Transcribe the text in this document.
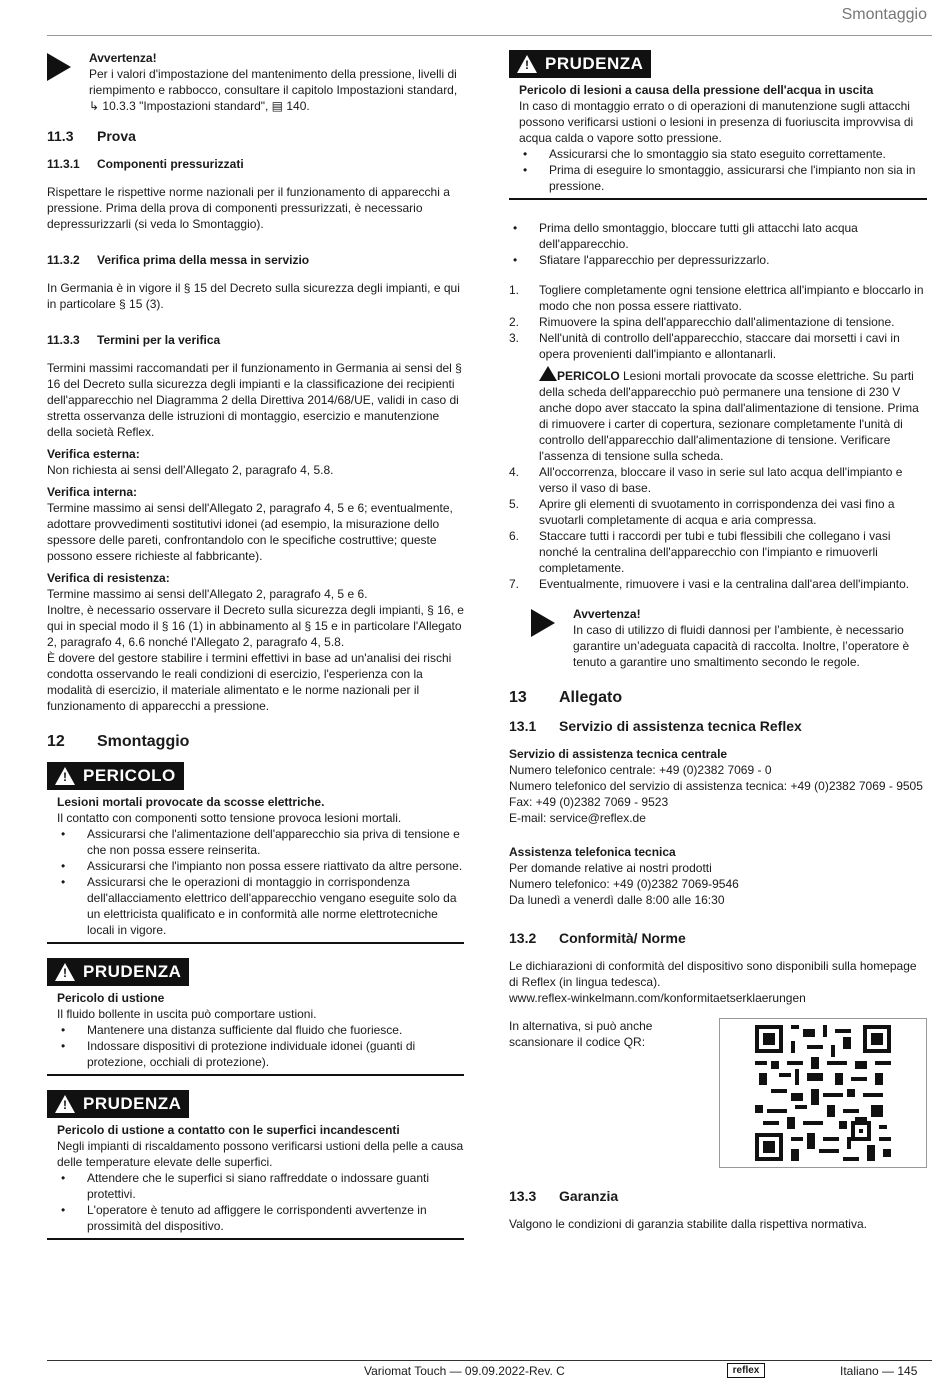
Smontaggio

Avvertenza!

Per i valori d'impostazione del mantenimento della pressione, livelli di riempimento e rabbocco, consultare il capitolo Impostazioni standard, ↳ 10.3.3 "Impostazioni standard", ▤ 140.

11.3	Prova
11.3.1	Componenti pressurizzati

Rispettare le rispettive norme nazionali per il funzionamento di apparecchi a pressione. Prima della prova di componenti pressurizzati, è necessario depressurizzarli (si veda lo Smontaggio).

11.3.2	Verifica prima della messa in servizio

In Germania è in vigore il § 15 del Decreto sulla sicurezza degli impianti, e qui in particolare § 15 (3).

11.3.3	Termini per la verifica

Termini massimi raccomandati per il funzionamento in Germania ai sensi del § 16 del Decreto sulla sicurezza degli impianti e la classificazione dei recipienti dell'apparecchio nel Diagramma 2 della Direttiva 2014/68/UE, validi in caso di stretta osservanza delle istruzioni di montaggio, esercizio e manutenzione della società Reflex.

Verifica esterna:

Non richiesta ai sensi dell'Allegato 2, paragrafo 4, 5.8.

Verifica interna:

Termine massimo ai sensi dell'Allegato 2, paragrafo 4, 5 e 6; eventualmente, adottare provvedimenti sostitutivi idonei (ad esempio, la misurazione dello spessore delle pareti, confrontandolo con le specifiche costruttive; queste possono essere richieste al fabbricante).

Verifica di resistenza:

Termine massimo ai sensi dell'Allegato 2, paragrafo 4, 5 e 6.

Inoltre, è necessario osservare il Decreto sulla sicurezza degli impianti, § 16, e qui in special modo il § 16 (1) in abbinamento al § 15 e in particolare l'Allegato 2, paragrafo 4, 6.6 nonché l'Allegato 2, paragrafo 4, 5.8.

È dovere del gestore stabilire i termini effettivi in base ad un'analisi dei rischi condotta osservando le reali condizioni di esercizio, l'esperienza con la modalità di esercizio, il materiale alimentato e le norme nazionali per il funzionamento di apparecchi a pressione.

12	Smontaggio
! PERICOLO

Lesioni mortali provocate da scosse elettriche.

Il contatto con componenti sotto tensione provoca lesioni mortali.

•	Assicurarsi che l'alimentazione dell'apparecchio sia priva di tensione e che non possa essere reinserita.
•	Assicurarsi che l'impianto non possa essere riattivato da altre persone.
•	Assicurarsi che le operazioni di montaggio in corrispondenza dell'allacciamento elettrico dell'apparecchio vengano eseguite solo da un elettricista qualificato e in conformità alle norme elettrotecniche locali in vigore.
! PRUDENZA

Pericolo di ustione

Il fluido bollente in uscita può comportare ustioni.

•	Mantenere una distanza sufficiente dal fluido che fuoriesce.
•	Indossare dispositivi di protezione individuale idonei (guanti di protezione, occhiali di protezione).
! PRUDENZA

Pericolo di ustione a contatto con le superfici incandescenti

Negli impianti di riscaldamento possono verificarsi ustioni della pelle a causa delle temperature elevate delle superfici.

•	Attendere che le superfici si siano raffreddate o indossare guanti protettivi.
•	L'operatore è tenuto ad affiggere le corrispondenti avvertenze in prossimità del dispositivo.
! PRUDENZA

Pericolo di lesioni a causa della pressione dell'acqua in uscita

In caso di montaggio errato o di operazioni di manutenzione sugli attacchi possono verificarsi ustioni o lesioni in presenza di fuoriuscita improvvisa di acqua calda o vapore sotto pressione.

•	Assicurarsi che lo smontaggio sia stato eseguito correttamente.
•	Prima di eseguire lo smontaggio, assicurarsi che l'impianto non sia in pressione.
•	Prima dello smontaggio, bloccare tutti gli attacchi lato acqua dell'apparecchio.
•	Sfiatare l'apparecchio per depressurizzarlo.
1.	Togliere completamente ogni tensione elettrica all'impianto e bloccarlo in modo che non possa essere riattivato.
2.	Rimuovere la spina dell'apparecchio dall'alimentazione di tensione.
3.	Nell'unità di controllo dell'apparecchio, staccare dai morsetti i cavi in opera provenienti dall'impianto e allontanarli.

PERICOLO Lesioni mortali provocate da scosse elettriche. Su parti della scheda dell'apparecchio può permanere una tensione di 230 V anche dopo aver staccato la spina dall'alimentazione di tensione. Prima di rimuovere i carter di copertura, sezionare completamente l'unità di controllo dell'apparecchio dall'alimentazione di tensione. Verificare l'assenza di tensione sulla scheda.

4.	All'occorrenza, bloccare il vaso in serie sul lato acqua dell'impianto e verso il vaso di base.
5.	Aprire gli elementi di svuotamento in corrispondenza dei vasi fino a svuotarli completamente di acqua e aria compressa.
6.	Staccare tutti i raccordi per tubi e tubi flessibili che collegano i vasi nonché la centralina dell'apparecchio con l'impianto e rimuoverli completamente.
7.	Eventualmente, rimuovere i vasi e la centralina dall'area dell'impianto.

Avvertenza!

In caso di utilizzo di fluidi dannosi per l’ambiente, è necessario garantire un’adeguata capacità di raccolta. Inoltre, l’operatore è tenuto a garantire uno smaltimento secondo le regole.

13	Allegato
13.1	Servizio di assistenza tecnica Reflex

Servizio di assistenza tecnica centrale

Numero telefonico centrale: +49 (0)2382 7069 - 0

Numero telefonico del servizio di assistenza tecnica: +49 (0)2382 7069 - 9505

Fax: +49 (0)2382 7069 - 9523

E-mail: service@reflex.de

Assistenza telefonica tecnica

Per domande relative ai nostri prodotti

Numero telefonico: +49 (0)2382 7069-9546

Da lunedì a venerdì dalle 8:00 alle 16:30

13.2	Conformità/ Norme

Le dichiarazioni di conformità del dispositivo sono disponibili sulla homepage di Reflex (in lingua tedesca).

www.reflex-winkelmann.com/konformitaetserklaerungen

In alternativa, si può anche scansionare il codice QR:

13.3	Garanzia

Valgono le condizioni di garanzia stabilite dalla rispettiva normativa.

Variomat Touch — 09.09.2022-Rev. C	reflex	Italiano — 145
